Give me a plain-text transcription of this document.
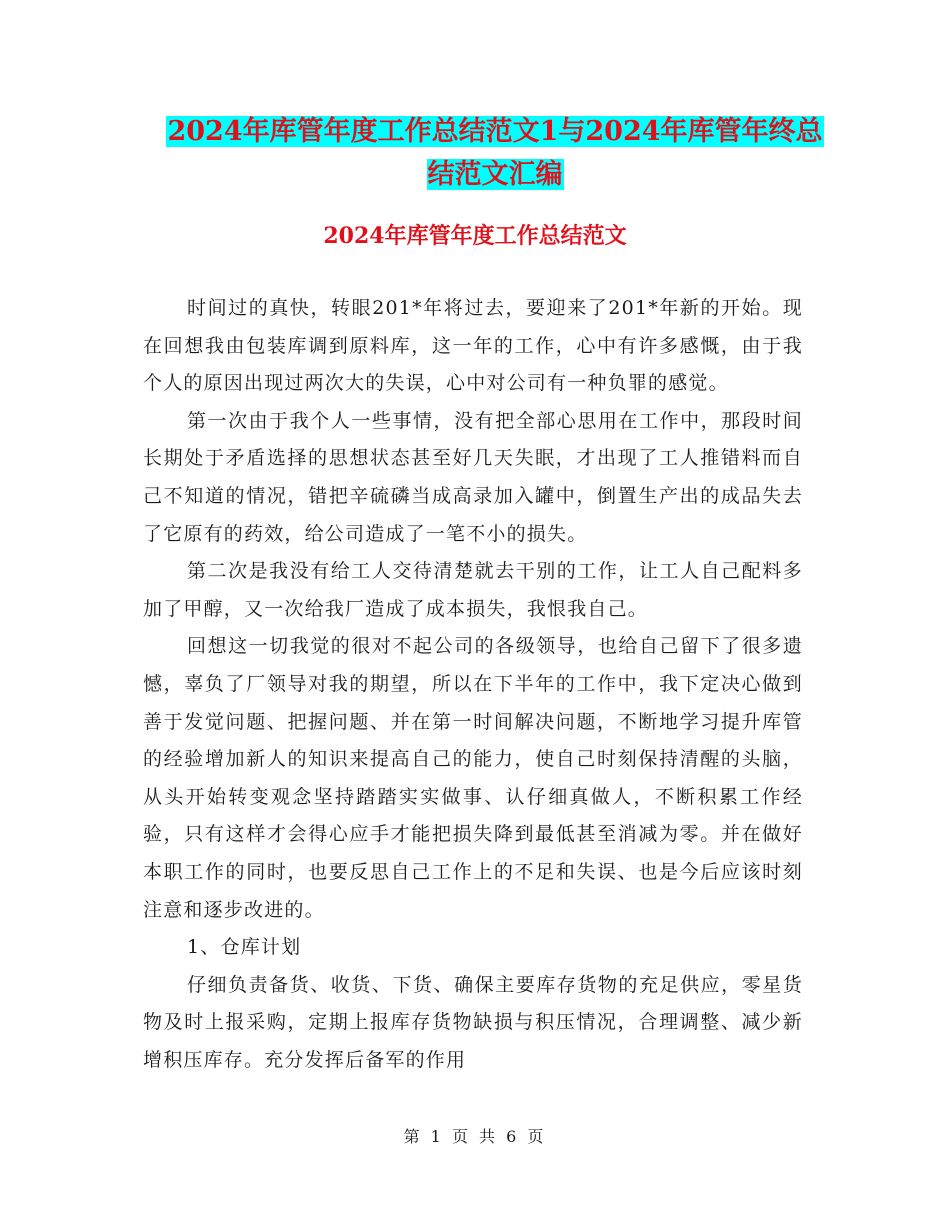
2024年库管年度工作总结范文1与2024年库管年终总
结范文汇编
2024年库管年度工作总结范文

时间过的真快，转眼201*年将过去，要迎来了201*年新的开始。现在回想我由包装库调到原料库，这一年的工作，心中有许多感慨，由于我个人的原因出现过两次大的失误，心中对公司有一种负罪的感觉。

第一次由于我个人一些事情，没有把全部心思用在工作中，那段时间长期处于矛盾选择的思想状态甚至好几天失眠，才出现了工人推错料而自己不知道的情况，错把辛硫磷当成高录加入罐中，倒置生产出的成品失去了它原有的药效，给公司造成了一笔不小的损失。

第二次是我没有给工人交待清楚就去干别的工作，让工人自己配料多加了甲醇，又一次给我厂造成了成本损失，我恨我自己。

回想这一切我觉的很对不起公司的各级领导，也给自己留下了很多遗憾，辜负了厂领导对我的期望，所以在下半年的工作中，我下定决心做到善于发觉问题、把握问题、并在第一时间解决问题，不断地学习提升库管的经验增加新人的知识来提高自己的能力，使自己时刻保持清醒的头脑，从头开始转变观念坚持踏踏实实做事、认仔细真做人，不断积累工作经验，只有这样才会得心应手才能把损失降到最低甚至消减为零。并在做好本职工作的同时，也要反思自己工作上的不足和失误、也是今后应该时刻注意和逐步改进的。

1、仓库计划

仔细负责备货、收货、下货、确保主要库存货物的充足供应，零星货物及时上报采购，定期上报库存货物缺损与积压情况，合理调整、减少新增积压库存。充分发挥后备军的作用

第 1 页 共 6 页
